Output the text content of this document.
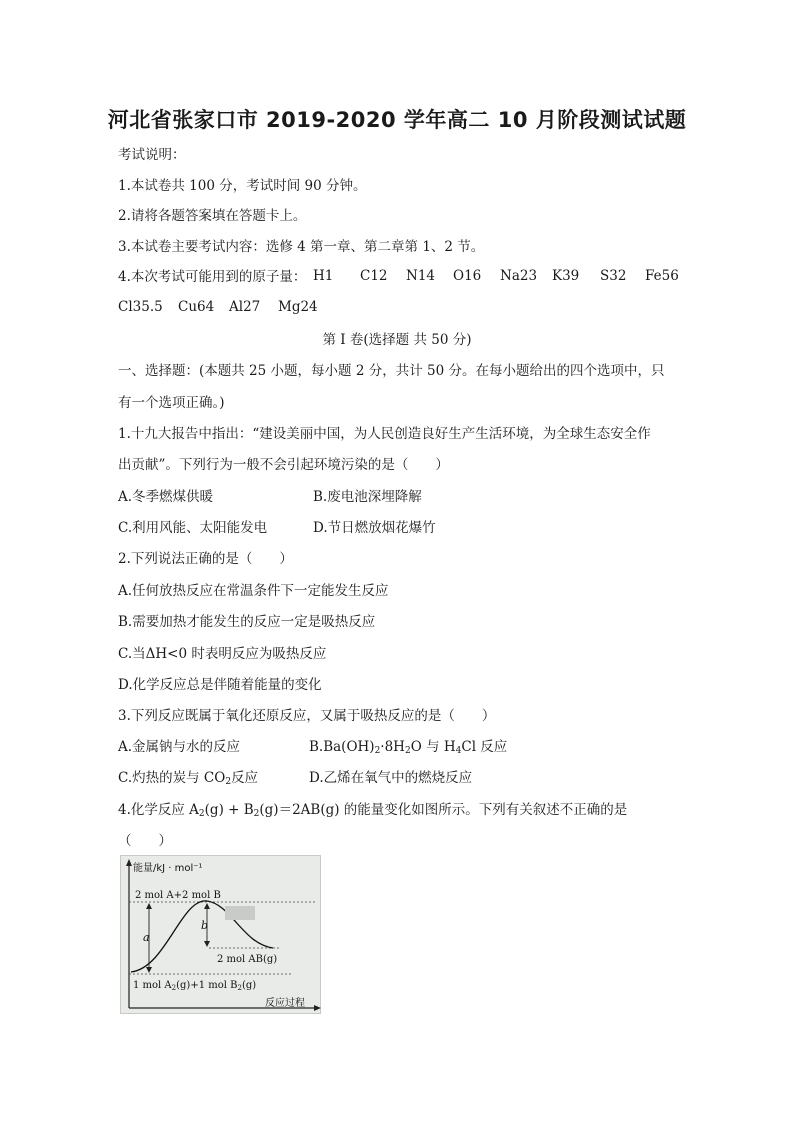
河北省张家口市 2019-2020 学年高二 10 月阶段测试试题
考试说明：
1.本试卷共 100 分，考试时间 90 分钟。
2.请将各题答案填在答题卡上。
3.本试卷主要考试内容：选修 4 第一章、第二章第 1、2 节。
4.本次考试可能用到的原子量： H1 C12 N14 O16 Na23 K39 S32 Fe56
Cl35.5 Cu64 Al27 Mg24
第 I 卷(选择题 共 50 分)
一、选择题：(本题共 25 小题，每小题 2 分，共计 50 分。在每小题给出的四个选项中，只
有一个选项正确。)
1.十九大报告中指出：“建设美丽中国，为人民创造良好生产生活环境，为全球生态安全作
出贡献”。下列行为一般不会引起环境污染的是（　　）
A.冬季燃煤供暖	B.废电池深埋降解
C.利用风能、太阳能发电	D.节日燃放烟花爆竹
2.下列说法正确的是（　　）
A.任何放热反应在常温条件下一定能发生反应
B.需要加热才能发生的反应一定是吸热反应
C.当ΔH<0 时表明反应为吸热反应
D.化学反应总是伴随着能量的变化
3.下列反应既属于氧化还原反应，又属于吸热反应的是（　　）
A.金属钠与水的反应	$B.Ba(OH)_2\cdot 8H_2O$ 与 $H_4Cl$ 反应
C.灼热的炭与 $CO_2$反应	D.乙烯在氧气中的燃烧反应
4.化学反应 $A_2(g) + B_2(g)=2AB(g)$ 的能量变化如图所示。下列有关叙述不正确的是
（　　）
能量/kJ · mol⁻¹
2 mol A+2 mol B
a
b
2 mol AB(g)
1 mol $A_2(g)+1$ mol $B_2(g)$
反应过程
